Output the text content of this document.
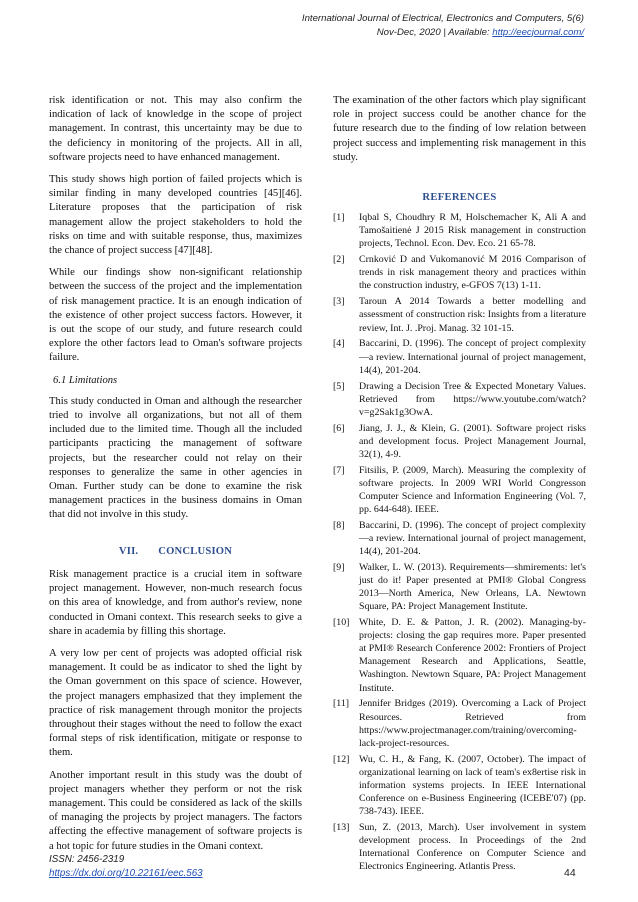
International Journal of Electrical, Electronics and Computers, 5(6)
Nov-Dec, 2020 | Available: http://eecjournal.com/

risk identification or not. This may also confirm the indication of lack of knowledge in the scope of project management. In contrast, this uncertainty may be due to the deficiency in monitoring of the projects. All in all, software projects need to have enhanced management.

This study shows high portion of failed projects which is similar finding in many developed countries [45][46]. Literature proposes that the participation of risk management allow the project stakeholders to hold the risks on time and with suitable response, thus, maximizes the chance of project success [47][48].

While our findings show non-significant relationship between the success of the project and the implementation of risk management practice. It is an enough indication of the existence of other project success factors. However, it is out the scope of our study, and future research could explore the other factors lead to Oman's software projects failure.

6.1 Limitations

This study conducted in Oman and although the researcher tried to involve all organizations, but not all of them included due to the limited time. Though all the included participants practicing the management of software projects, but the researcher could not relay on their responses to generalize the same in other agencies in Oman. Further study can be done to examine the risk management practices in the business domains in Oman that did not involve in this study.

VII. CONCLUSION

Risk management practice is a crucial item in software project management. However, non-much research focus on this area of knowledge, and from author's review, none conducted in Omani context. This research seeks to give a share in academia by filling this shortage.

A very low per cent of projects was adopted official risk management. It could be as indicator to shed the light by the Oman government on this space of science. However, the project managers emphasized that they implement the practice of risk management through monitor the projects throughout their stages without the need to follow the exact formal steps of risk identification, mitigate or response to them.

Another important result in this study was the doubt of project managers whether they perform or not the risk management. This could be considered as lack of the skills of managing the projects by project managers. The factors affecting the effective management of software projects is a hot topic for future studies in the Omani context.

The examination of the other factors which play significant role in project success could be another chance for the future research due to the finding of low relation between project success and implementing risk management in this study.

REFERENCES
[1] Iqbal S, Choudhry R M, Holschemacher K, Ali A and Tamošaitienė J 2015 Risk management in construction projects, Technol. Econ. Dev. Eco. 21 65-78.
[2] Crnković D and Vukomanović M 2016 Comparison of trends in risk management theory and practices within the construction industry, e-GFOS 7(13) 1-11.
[3] Taroun A 2014 Towards a better modelling and assessment of construction risk: Insights from a literature review, Int. J. .Proj. Manag. 32 101-15.
[4] Baccarini, D. (1996). The concept of project complexity—a review. International journal of project management, 14(4), 201-204.
[5] Drawing a Decision Tree & Expected Monetary Values. Retrieved from https://www.youtube.com/watch?v=g2Sak1g3OwA.
[6] Jiang, J. J., & Klein, G. (2001). Software project risks and development focus. Project Management Journal, 32(1), 4-9.
[7] Fitsilis, P. (2009, March). Measuring the complexity of software projects. In 2009 WRI World Congresson Computer Science and Information Engineering (Vol. 7, pp. 644-648). IEEE.
[8] Baccarini, D. (1996). The concept of project complexity—a review. International journal of project management, 14(4), 201-204.
[9] Walker, L. W. (2013). Requirements—shmirements: let's just do it! Paper presented at PMI® Global Congress 2013—North America, New Orleans, LA. Newtown Square, PA: Project Management Institute.
[10] White, D. E. & Patton, J. R. (2002). Managing-by-projects: closing the gap requires more. Paper presented at PMI® Research Conference 2002: Frontiers of Project Management Research and Applications, Seattle, Washington. Newtown Square, PA: Project Management Institute.
[11] Jennifer Bridges (2019). Overcoming a Lack of Project Resources. Retrieved from https://www.projectmanager.com/training/overcoming-lack-project-resources.
[12] Wu, C. H., & Fang, K. (2007, October). The impact of organizational learning on lack of team's ex8ertise risk in information systems projects. In IEEE International Conference on e-Business Engineering (ICEBE'07) (pp. 738-743). IEEE.
[13] Sun, Z. (2013, March). User involvement in system development process. In Proceedings of the 2nd International Conference on Computer Science and Electronics Engineering. Atlantis Press.
ISSN: 2456-2319
https://dx.doi.org/10.22161/eec.563	44
